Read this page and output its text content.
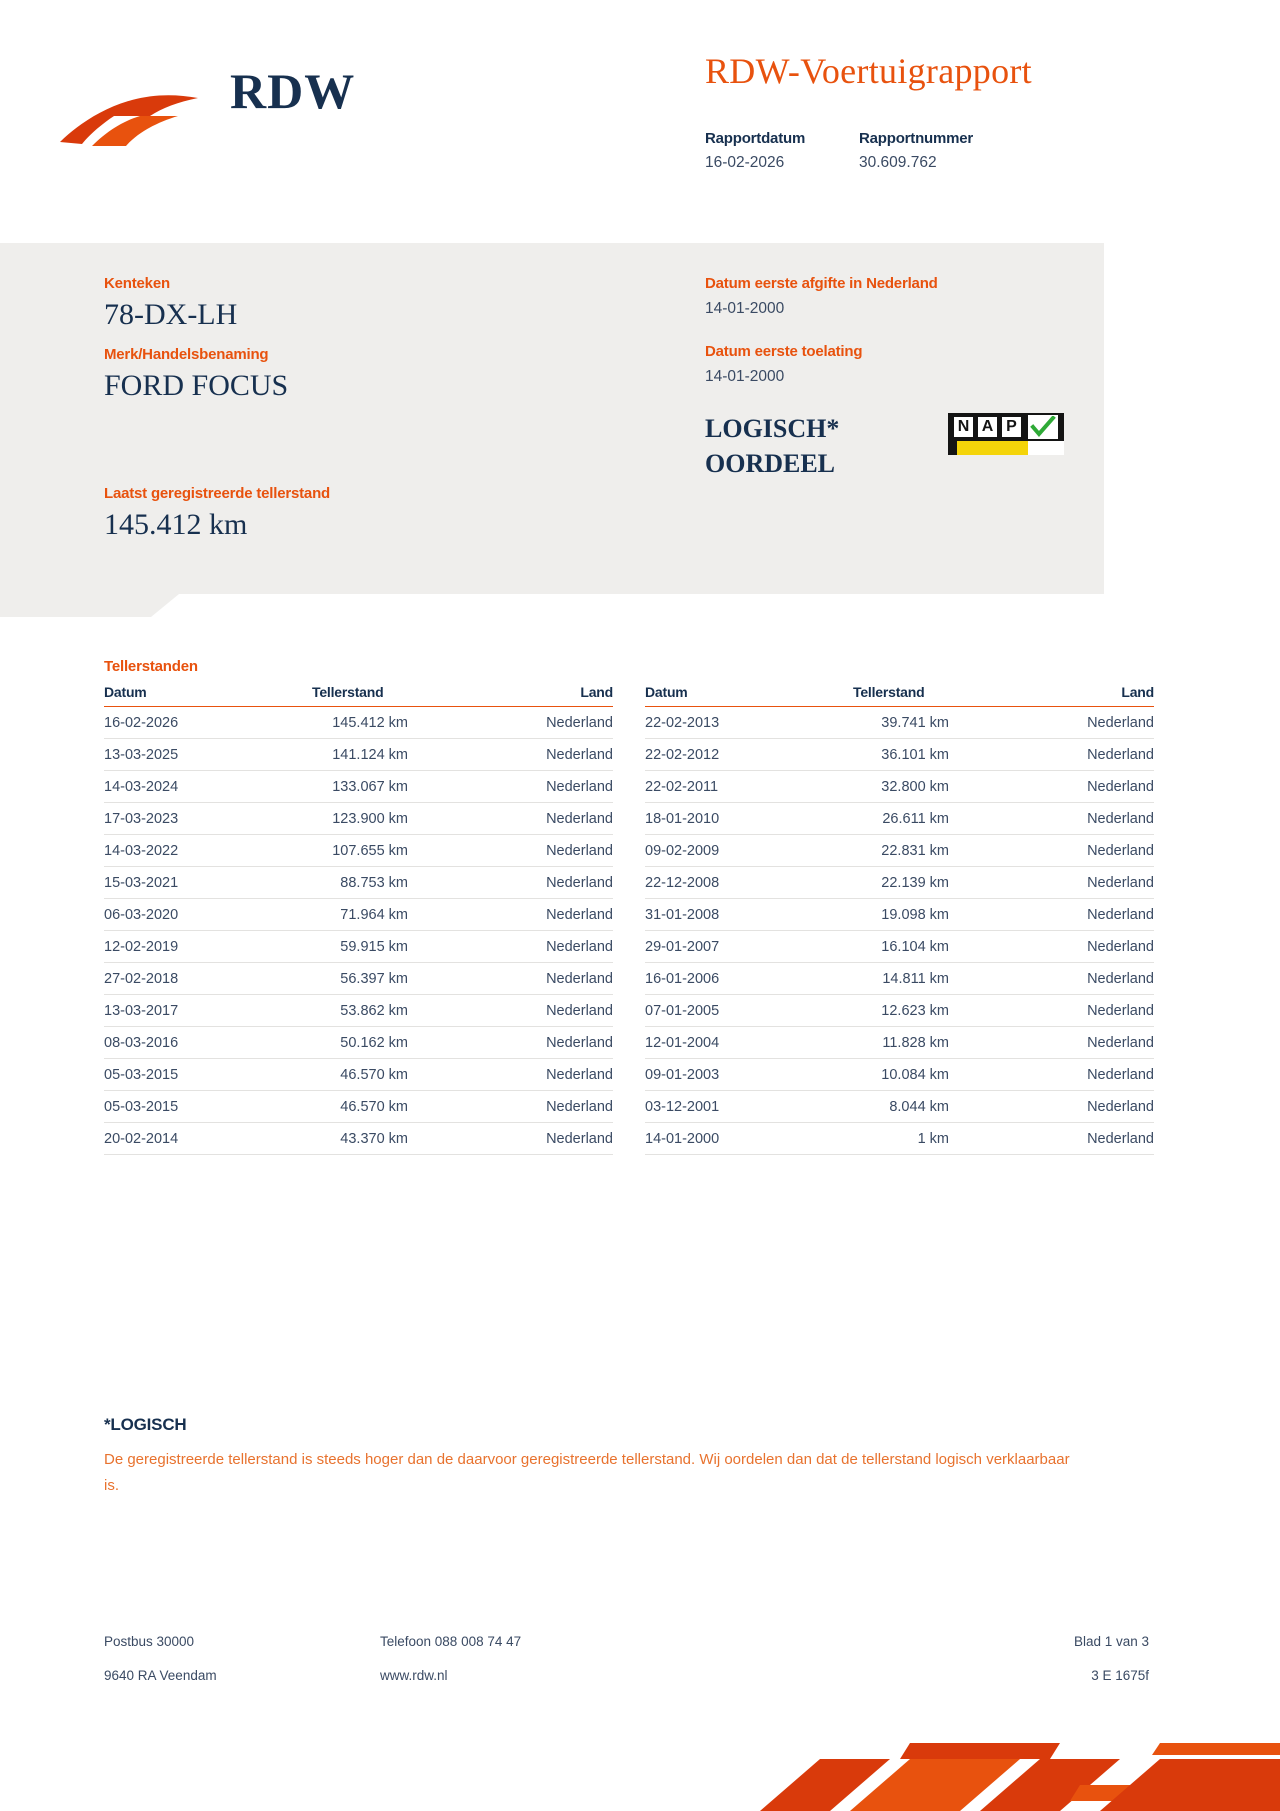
RDW	RDW-Voertuigrapport
Rapportdatum
16-02-2026

Rapportnummer
30.609.762
Kenteken
78-DX-LH
Merk/Handelsbenaming
FORD FOCUS
Laatst geregistreerde tellerstand
145.412 km
Datum eerste afgifte in Nederland
14-01-2000
Datum eerste toelating
14-01-2000
LOGISCH*
OORDEEL
N A P
Tellerstanden
Datum	Tellerstand	Land
16-02-2026	145.412 km	Nederland
13-03-2025	141.124 km	Nederland
14-03-2024	133.067 km	Nederland
17-03-2023	123.900 km	Nederland
14-03-2022	107.655 km	Nederland
15-03-2021	88.753 km	Nederland
06-03-2020	71.964 km	Nederland
12-02-2019	59.915 km	Nederland
27-02-2018	56.397 km	Nederland
13-03-2017	53.862 km	Nederland
08-03-2016	50.162 km	Nederland
05-03-2015	46.570 km	Nederland
05-03-2015	46.570 km	Nederland
20-02-2014	43.370 km	Nederland
Datum	Tellerstand	Land
22-02-2013	39.741 km	Nederland
22-02-2012	36.101 km	Nederland
22-02-2011	32.800 km	Nederland
18-01-2010	26.611 km	Nederland
09-02-2009	22.831 km	Nederland
22-12-2008	22.139 km	Nederland
31-01-2008	19.098 km	Nederland
29-01-2007	16.104 km	Nederland
16-01-2006	14.811 km	Nederland
07-01-2005	12.623 km	Nederland
12-01-2004	11.828 km	Nederland
09-01-2003	10.084 km	Nederland
03-12-2001	8.044 km	Nederland
14-01-2000	1 km	Nederland
*LOGISCH
De geregistreerde tellerstand is steeds hoger dan de daarvoor geregistreerde tellerstand. Wij oordelen dan dat de tellerstand logisch verklaarbaar is.
Postbus 30000	Telefoon 088 008 74 47	Blad 1 van 3
9640 RA Veendam	www.rdw.nl	3 E 1675f
